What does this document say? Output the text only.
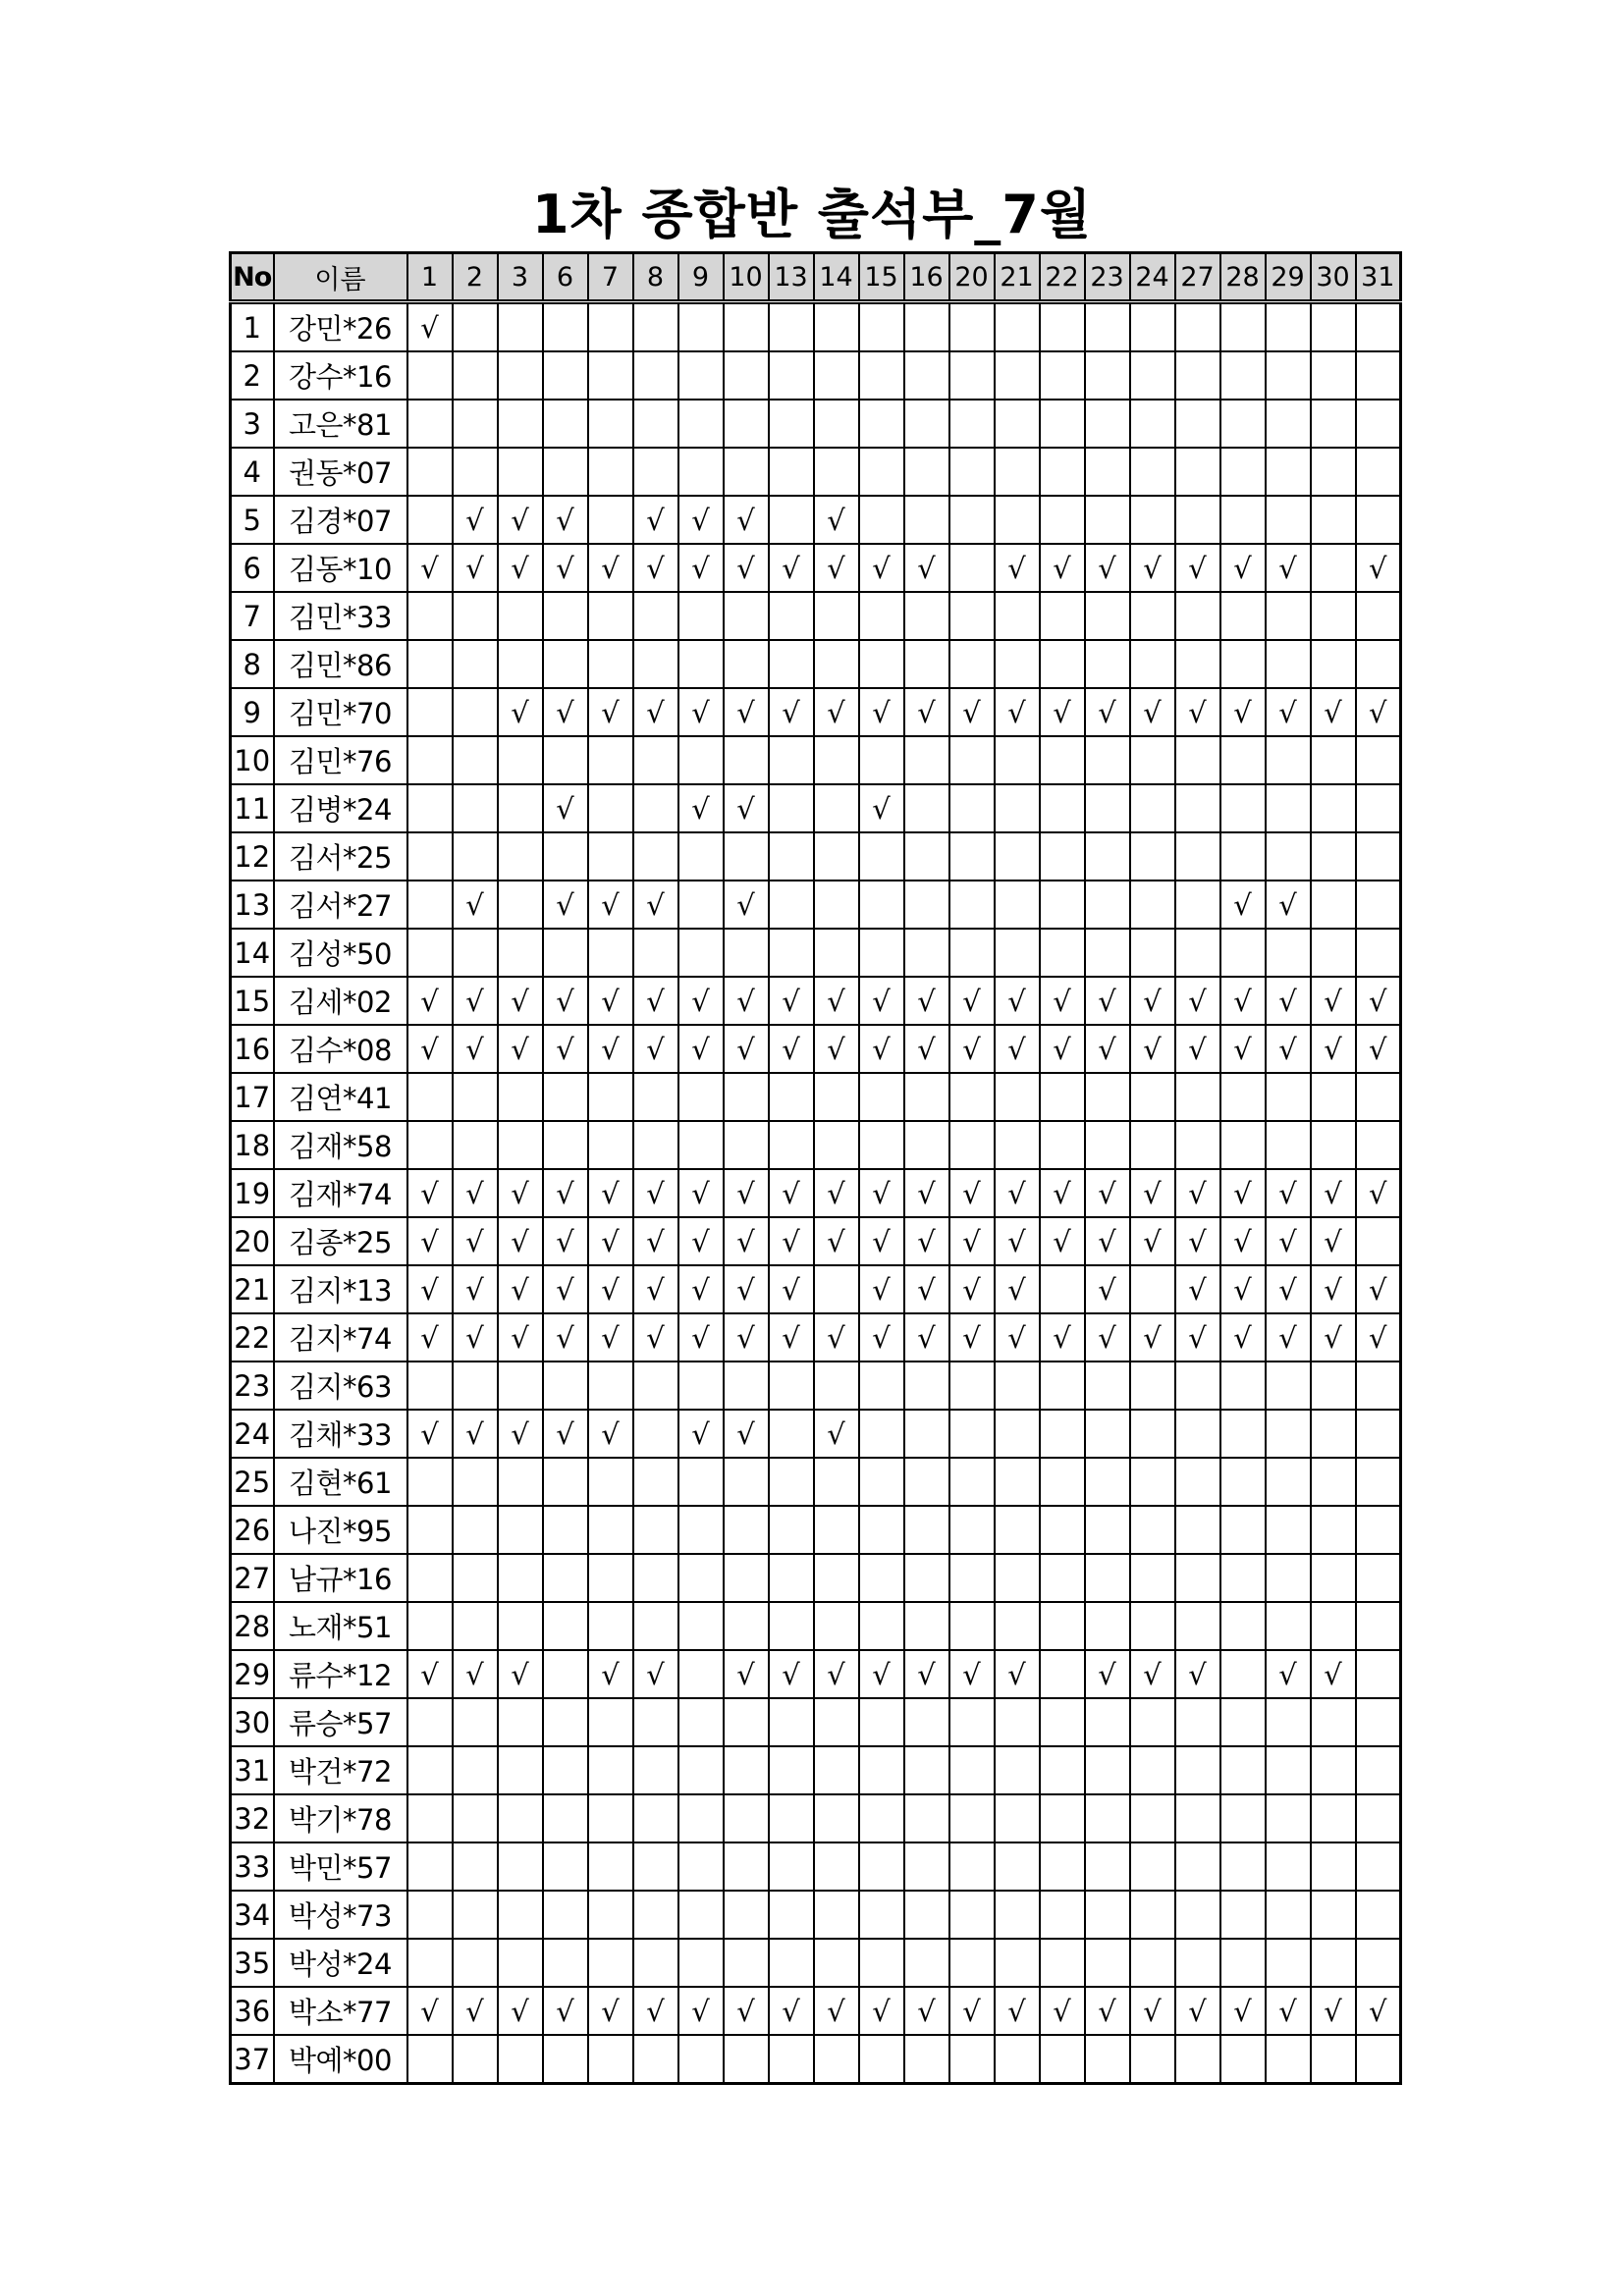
1차 종합반 출석부_7월
No	이름	1	2	3	6	7	8	9	10	13	14	15	16	20	21	22	23	24	27	28	29	30	31
1	강민*26	√																					
2	강수*16																						
3	고은*81																						
4	권동*07																						
5	김경*07		√	√	√		√	√	√		√												
6	김동*10	√	√	√	√	√	√	√	√	√	√	√	√		√	√	√	√	√	√	√		√
7	김민*33																						
8	김민*86																						
9	김민*70			√	√	√	√	√	√	√	√	√	√	√	√	√	√	√	√	√	√	√	√
10	김민*76																						
11	김병*24				√			√	√			√											
12	김서*25																						
13	김서*27		√		√	√	√		√											√	√		
14	김성*50																						
15	김세*02	√	√	√	√	√	√	√	√	√	√	√	√	√	√	√	√	√	√	√	√	√	√
16	김수*08	√	√	√	√	√	√	√	√	√	√	√	√	√	√	√	√	√	√	√	√	√	√
17	김연*41																						
18	김재*58																						
19	김재*74	√	√	√	√	√	√	√	√	√	√	√	√	√	√	√	√	√	√	√	√	√	√
20	김종*25	√	√	√	√	√	√	√	√	√	√	√	√	√	√	√	√	√	√	√	√	√	
21	김지*13	√	√	√	√	√	√	√	√	√		√	√	√	√		√		√	√	√	√	√
22	김지*74	√	√	√	√	√	√	√	√	√	√	√	√	√	√	√	√	√	√	√	√	√	√
23	김지*63																						
24	김채*33	√	√	√	√	√		√	√		√												
25	김현*61																						
26	나진*95																						
27	남규*16																						
28	노재*51																						
29	류수*12	√	√	√		√	√		√	√	√	√	√	√	√		√	√	√		√	√	
30	류승*57																						
31	박건*72																						
32	박기*78																						
33	박민*57																						
34	박성*73																						
35	박성*24																						
36	박소*77	√	√	√	√	√	√	√	√	√	√	√	√	√	√	√	√	√	√	√	√	√	√
37	박예*00																						
